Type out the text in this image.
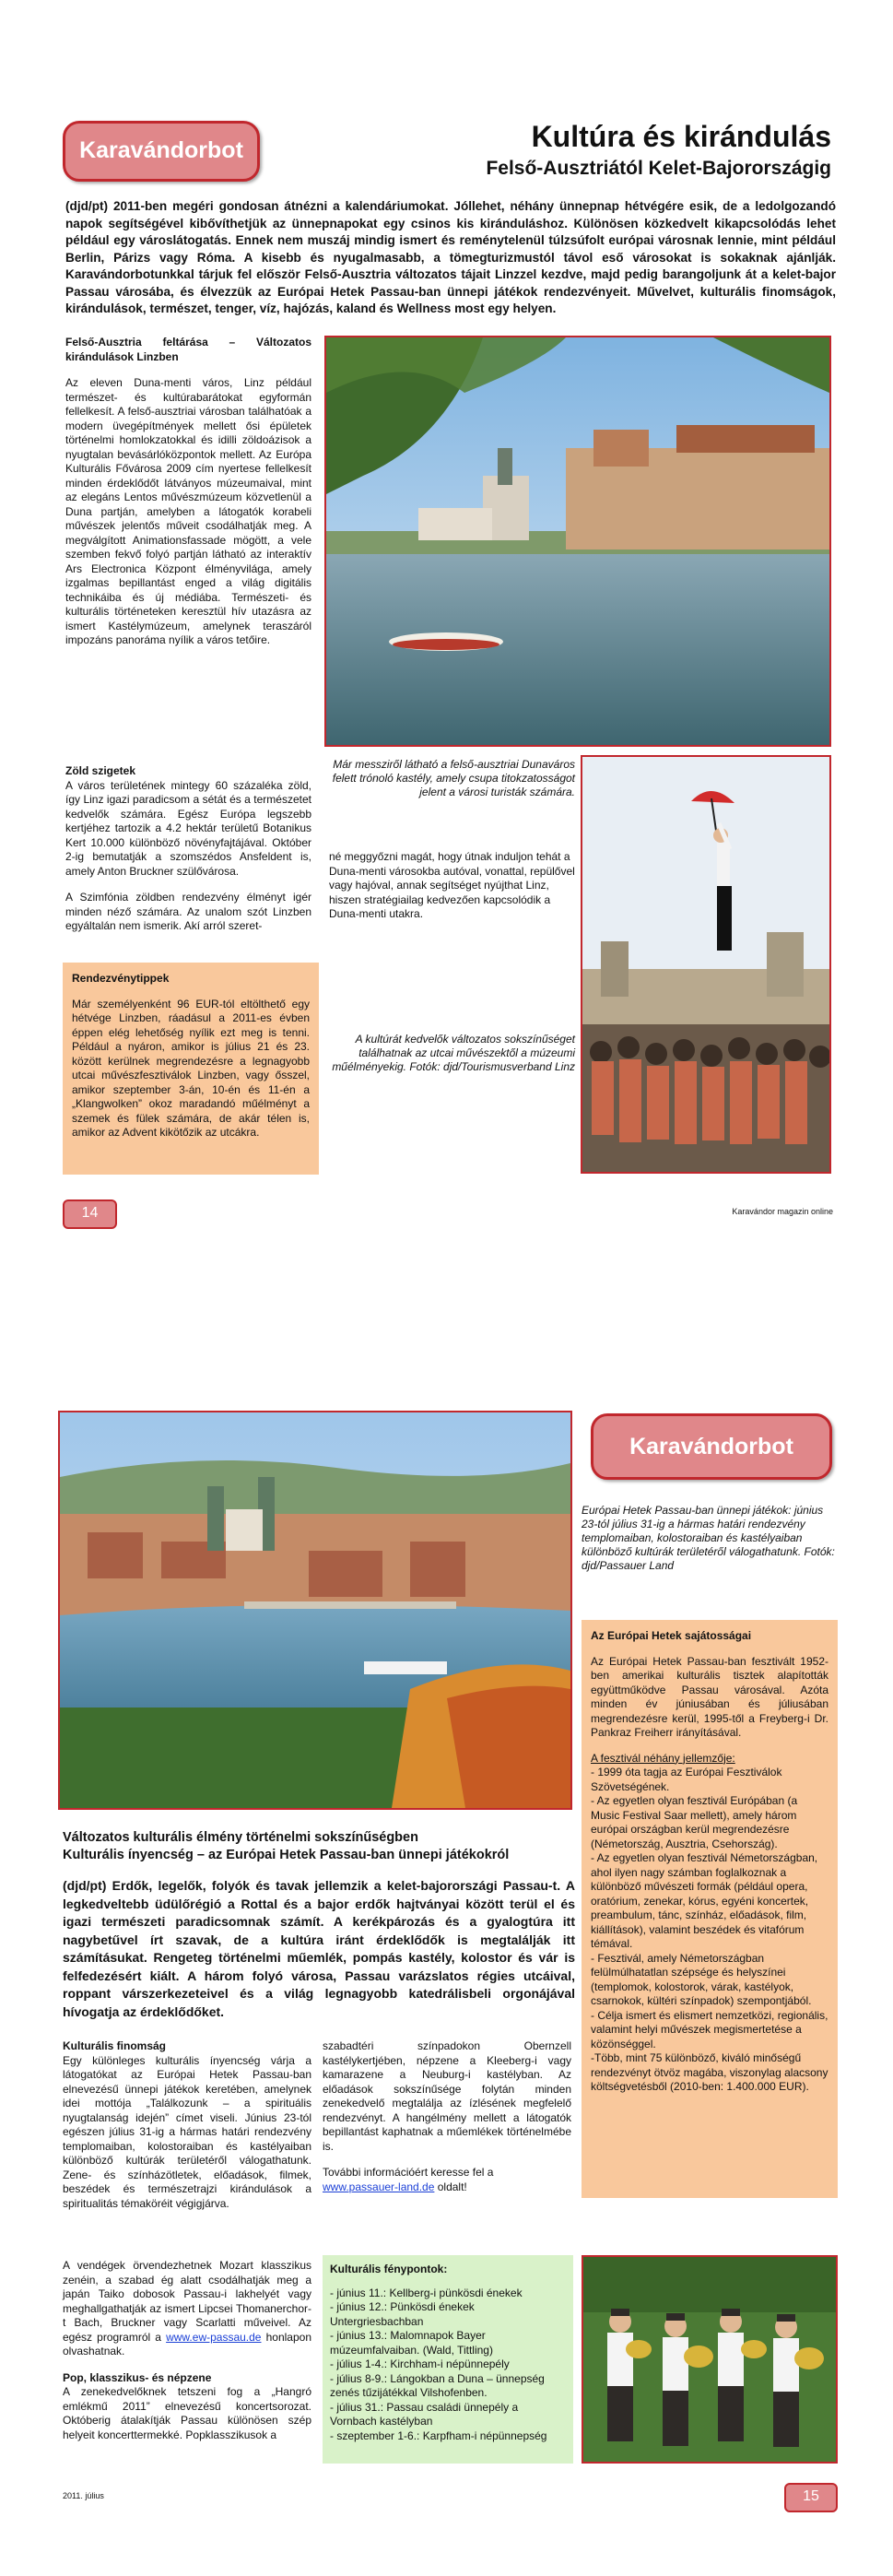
Karavándorbot	Kultúra és kirándulás
Felső-Ausztriától Kelet-Bajorországig
(djd/pt) 2011-ben megéri gondosan átnézni a kalendáriumokat. Jóllehet, néhány ünnepnap hétvégére esik, de a ledolgozandó napok segítségével kibővíthetjük az ünnepnapokat egy csinos kis kiránduláshoz. Különösen közkedvelt kikapcsolódás lehet például egy városlátogatás. Ennek nem muszáj mindig ismert és reménytelenül túlzsúfolt európai városnak lennie, mint például Berlin, Párizs vagy Róma. A kisebb és nyugalmasabb, a tömegturizmustól távol eső városokat is sokaknak ajánlják. Karavándorbotunkkal tárjuk fel először Felső-Ausztria változatos tájait Linzzel kezdve, majd pedig barangoljunk át a kelet-bajor Passau városába, és élvezzük az Európai Hetek Passau-ban ünnepi játékok rendezvényeit. Művelvet, kulturális finomságok, kirándulások, természet, tenger, víz, hajózás, kaland és Wellness most egy helyen.

Felső-Ausztria feltárása – Változatos kirándulások Linzben

Az eleven Duna-menti város, Linz például természet- és kultúrabarátokat egyformán fellelkesít. A felső-ausztriai városban találhatóak a modern üvegépítmények mellett ősi épületek történelmi homlokzatokkal és idilli zöldoázisok a nyugtalan bevásárlóközpontok mellett. Az Európa Kulturális Fővárosa 2009 cím nyertese fellelkesít minden érdeklődőt látványos múzeumaival, mint az elegáns Lentos művészmúzeum közvetlenül a Duna partján, amelyben a látogatók korabeli művészek jelentős műveit csodálhatják meg. A megválgított Animationsfassade mögött, a vele szemben fekvő folyó partján látható az interaktív Ars Electronica Központ élményvilága, amely izgalmas bepillantást enged a világ digitális technikáiba és új médiába. Természeti- és kulturális történeteken keresztül hív utazásra az ismert Kastélymúzeum, amelynek teraszáról impozáns panoráma nyílik a város tetőire.

Zöld szigetek

A város területének mintegy 60 százaléka zöld, így Linz igazi paradicsom a sétát és a természetet kedvelők számára. Egész Európa legszebb kertjéhez tartozik a 4.2 hektár területű Botanikus Kert 10.000 különböző növényfajtájával. Október 2-ig bemutatják a szomszédos Ansfeldent is, amely Anton Bruckner szülővárosa.

A Szimfónia zöldben rendezvény élményt igér minden néző számára. Az unalom szót Linzben egyáltalán nem ismerik. Akí arról szeret-

Már messziről látható a felső-ausztriai Dunaváros felett trónoló kastély, amely csupa titokzatosságot jelent a városi turisták számára.
né meggyőzni magát, hogy útnak induljon tehát a Duna-menti városokba autóval, vonattal, repülővel vagy hajóval, annak segítséget nyújthat Linz, hiszen stratégiailag kedvezően kapcsolódik a Duna-menti utakra.
Rendezvénytippek
Már személyenként 96 EUR-tól eltölthető egy hétvége Linzben, ráadásul a 2011-es évben éppen elég lehetőség nyílik ezt meg is tenni. Például a nyáron, amikor is július 21 és 23. között kerülnek megrendezésre a legnagyobb utcai művészfesztiválok Linzben, vagy ősszel, amikor szeptember 3-án, 10-én és 11-én a „Klangwolken” okoz maradandó műélményt a szemek és fülek számára, de akár télen is, amikor az Advent kikötőzik az utcákra.
A kultúrát kedvelők változatos sokszínűséget találhatnak az utcai művészektől a múzeumi műélményekig. Fotók: djd/Tourismusverband Linz
14	Karavándor magazin online
Karavándorbot
Európai Hetek Passau-ban ünnepi játékok: június 23-tól július 31-ig a hármas határi rendezvény templomaiban, kolostoraiban és kastélyaiban különböző kultúrák területéről válogathatunk. Fotók: djd/Passauer Land
Az Európai Hetek sajátosságai
Az Európai Hetek Passau-ban fesztivált 1952-ben amerikai kulturális tisztek alapították együttműködve Passau városával. Azóta minden év júniusában és júliusában megrendezésre kerül, 1995-től a Freyberg-i Dr. Pankraz Freiherr irányításával.
A fesztivál néhány jellemzője:
- 1999 óta tagja az Európai Fesztiválok Szövetségének.
- Az egyetlen olyan fesztivál Európában (a Music Festival Saar mellett), amely három európai országban kerül megrendezésre (Németország, Ausztria, Csehország).
- Az egyetlen olyan fesztivál Németországban, ahol ilyen nagy számban foglalkoznak a különböző művészeti formák (például opera, oratórium, zenekar, kórus, egyéni koncertek, preambulum, tánc, színház, előadások, film, kiállítások), valamint beszédek és vitafórum témával.
- Fesztivál, amely Németországban felülmúlhatatlan szépsége és helyszínei (templomok, kolostorok, várak, kastélyok, csarnokok, kültéri színpadok) szempontjából.
- Célja ismert és elismert nemzetközi, regionális, valamint helyi művészek megismertetése a közönséggel.
-Több, mint 75 különböző, kiváló minőségű rendezvényt ötvöz magába, viszonylag alacsony költségvetésből (2010-ben: 1.400.000 EUR).
Változatos kulturális élmény történelmi sokszínűségben
Kulturális ínyencség – az Európai Hetek Passau-ban ünnepi játékokról
(djd/pt) Erdők, legelők, folyók és tavak jellemzik a kelet-bajorországi Passau-t. A legkedveltebb üdülőrégió a Rottal és a bajor erdők hajtványai között terül el és igazi természeti paradicsomnak számít. A kerékpározás és a gyalogtúra itt nagybetűvel írt szavak, de a kultúra iránt érdeklődők is megtalálják itt számításukat. Rengeteg történelmi műemlék, pompás kastély, kolostor és vár is felfedezésért kiált. A három folyó városa, Passau varázslatos régies utcáival, roppant várszerkezeteivel és a világ legnagyobb katedrálisbeli orgonájával hívogatja az érdeklődőket.

Kulturális finomság

Egy különleges kulturális ínyencség várja a látogatókat az Európai Hetek Passau-ban elnevezésű ünnepi játékok keretében, amelynek idei mottója „Találkozunk – a spirituális nyugtalanság idején” címet viseli. Június 23-tól egészen július 31-ig a hármas határi rendezvény templomaiban, kolostoraiban és kastélyaiban különböző kultúrák területéről válogathatunk. Zene- és színházötletek, előadások, filmek, beszédek és természetrajzi kirándulások a spiritualitás témaköréit végigjárva.

szabadtéri színpadokon Obernzell kastélykertjében, népzene a Kleeberg-i vagy kamarazene a Neuburg-i kastélyban. Az előadások sokszínűsége folytán minden zenekedvelő megtalálja az ízlésének megfelelő rendezvényt. A hangélmény mellett a látogatók bepillantást kaphatnak a műemlékek történelmébe is.

További információért keresse fel a
www.passauer-land.de oldalt!

A vendégek örvendezhetnek Mozart klasszikus zenéin, a szabad ég alatt csodálhatják meg a japán Taiko dobosok Passau-i lakhelyét vagy meghallgathatják az ismert Lipcsei Thomanerchor-t Bach, Bruckner vagy Scarlatti műveivel. Az egész programról a www.ew-passau.de honlapon olvashatnak.

Pop, klasszikus- és népzene

A zenekedvelőknek tetszeni fog a „Hangró emlékmű 2011” elnevezésű koncertsorozat. Októberig átalakítják Passau különösen szép helyeit koncerttermekké. Popklasszikusok a

Kulturális fénypontok:
- június 11.: Kellberg-i pünkösdi énekek
- június 12.: Pünkösdi énekek Untergriesbachban
- június 13.: Malomnapok Bayer múzeumfalvaiban. (Wald, Tittling)
- július 1-4.: Kirchham-i népünnepély
- július 8-9.: Lángokban a Duna – ünnepség zenés tűzijátékkal Vilshofenben.
- július 31.: Passau családi ünnepély a Vornbach kastélyban
- szeptember 1-6.: Karpfham-i népünnepség
2011. július	15
